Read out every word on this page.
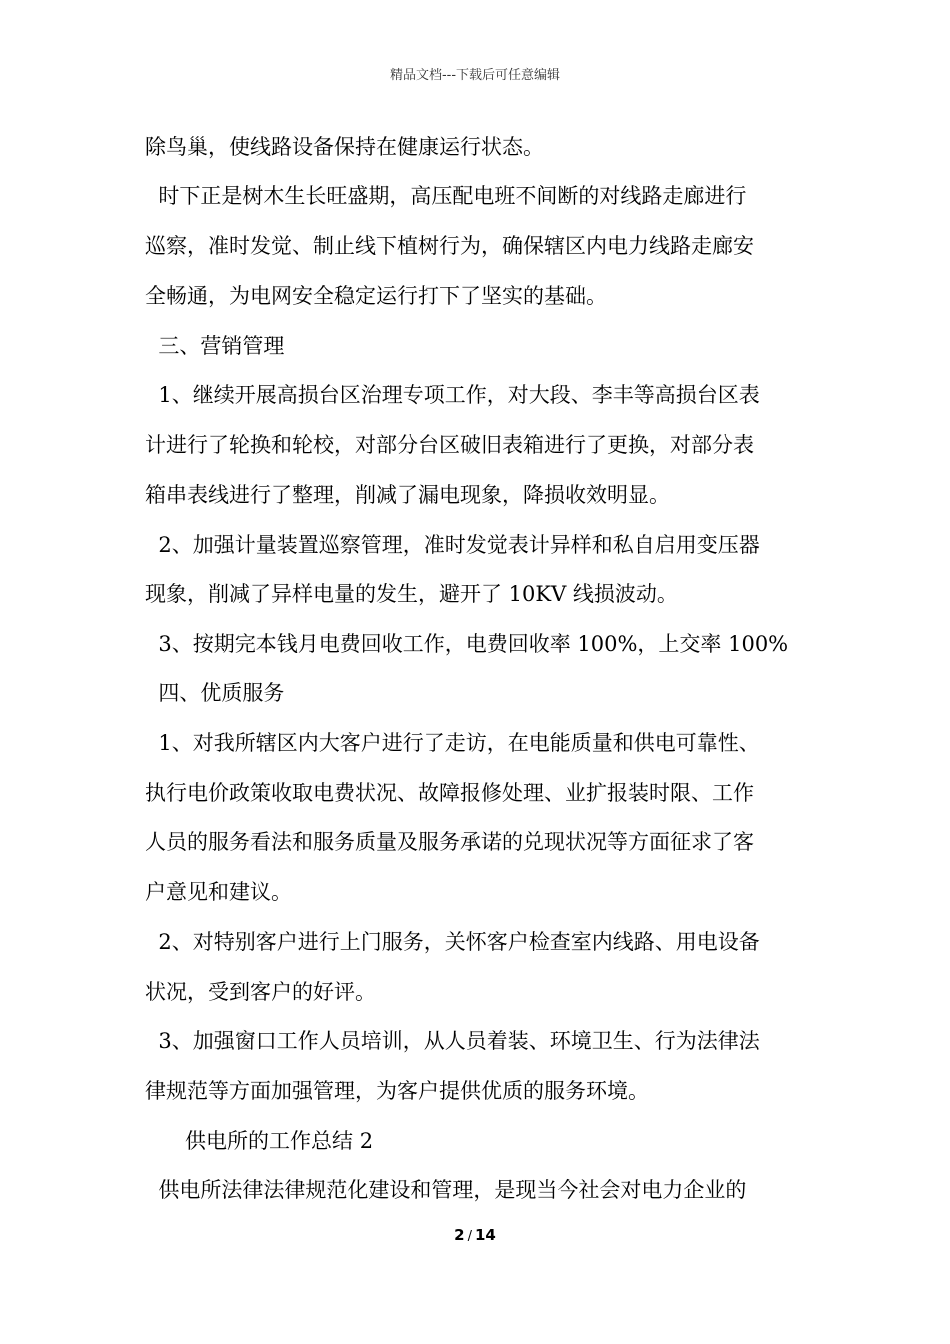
精品文档---下载后可任意编辑
除鸟巢，使线路设备保持在健康运行状态。
时下正是树木生长旺盛期，高压配电班不间断的对线路走廊进行
巡察，准时发觉、制止线下植树行为，确保辖区内电力线路走廊安
全畅通，为电网安全稳定运行打下了坚实的基础。
三、营销管理
1、继续开展高损台区治理专项工作，对大段、李丰等高损台区表
计进行了轮换和轮校，对部分台区破旧表箱进行了更换，对部分表
箱串表线进行了整理，削减了漏电现象，降损收效明显。
2、加强计量装置巡察管理，准时发觉表计异样和私自启用变压器
现象，削减了异样电量的发生，避开了 10KV 线损波动。
3、按期完本钱月电费回收工作，电费回收率 100%，上交率 100%
四、优质服务
1、对我所辖区内大客户进行了走访，在电能质量和供电可靠性、
执行电价政策收取电费状况、故障报修处理、业扩报装时限、工作
人员的服务看法和服务质量及服务承诺的兑现状况等方面征求了客
户意见和建议。
2、对特别客户进行上门服务，关怀客户检查室内线路、用电设备
状况，受到客户的好评。
3、加强窗口工作人员培训，从人员着装、环境卫生、行为法律法
律规范等方面加强管理，为客户提供优质的服务环境。
供电所的工作总结 2
供电所法律法律规范化建设和管理，是现当今社会对电力企业的
2 / 14
